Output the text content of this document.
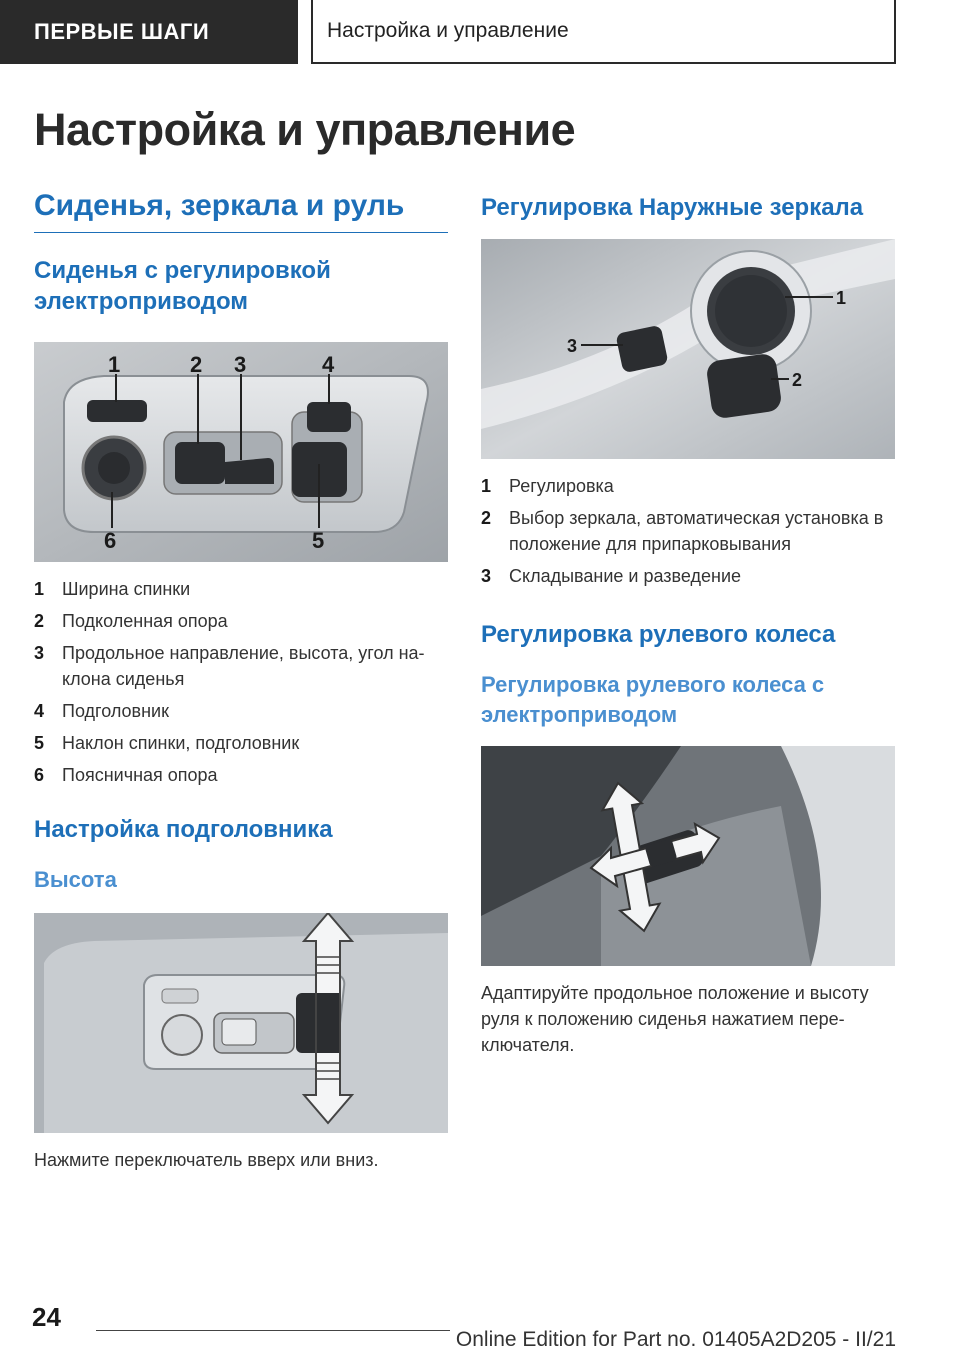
ПЕРВЫЕ ШАГИ	Настройка и управление
Настройка и управление
Сиденья, зеркала и руль
Сиденья с регулировкой электроприводом
1	2 3	4
5
6
1 Ширина спинки
2 Подколенная опора
3 Продольное направление, высота, угол наклона сиденья
4 Подголовник
5 Наклон спинки, подголовник
6 Поясничная опора
Настройка подголовника
Высота
Нажмите переключатель вверх или вниз.
Регулировка Наружные зеркала
1
2
3
1 Регулировка
2 Выбор зеркала, автоматическая установка в положение для припарковывания
3 Складывание и разведение
Регулировка рулевого колеса
Регулировка рулевого колеса с электроприводом
Адаптируйте продольное положение и высоту руля к положению сиденья нажатием переключателя.
24
Online Edition for Part no. 01405A2D205 - II/21
